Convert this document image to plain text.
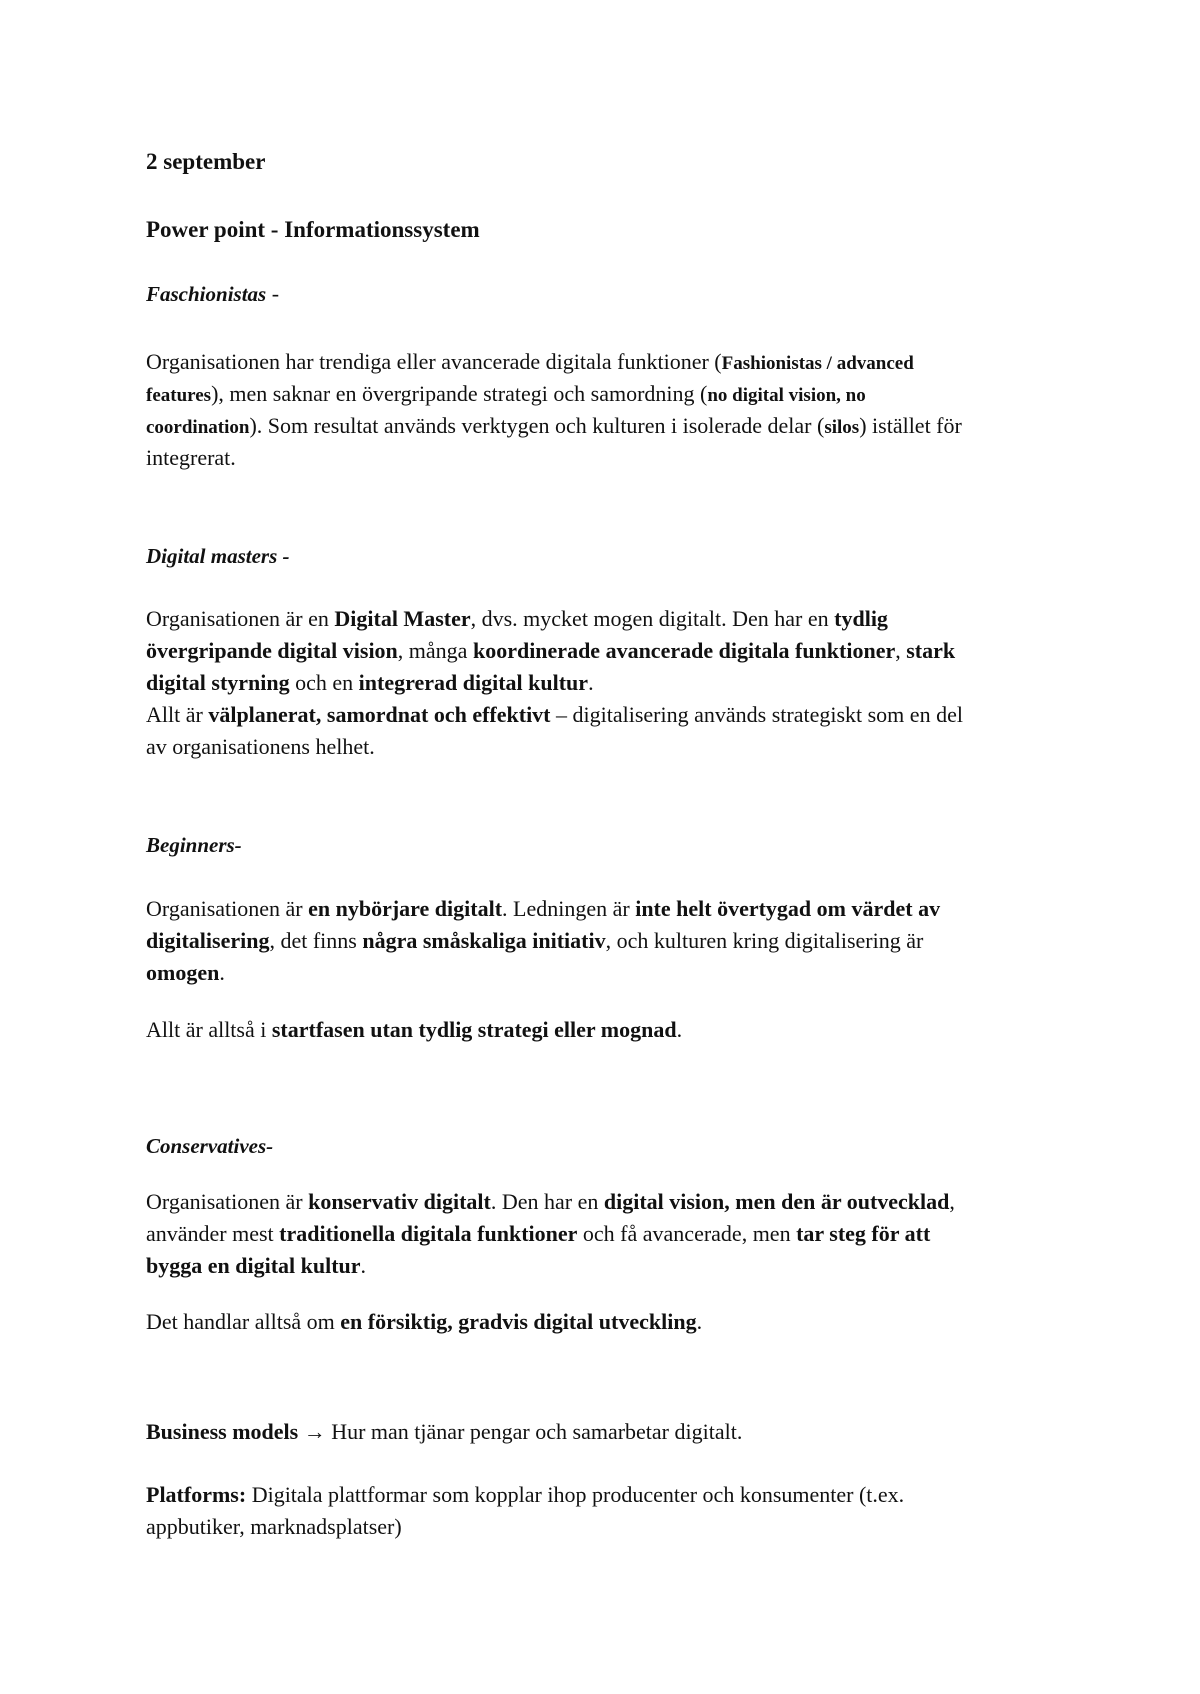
2 september
Power point - Informationssystem
Faschionistas -
Organisationen har trendiga eller avancerade digitala funktioner (Fashionistas / advanced
features), men saknar en övergripande strategi och samordning (no digital vision, no
coordination). Som resultat används verktygen och kulturen i isolerade delar (silos) istället för
integrerat.
Digital masters -
Organisationen är en Digital Master, dvs. mycket mogen digitalt. Den har en tydlig
övergripande digital vision, många koordinerade avancerade digitala funktioner, stark
digital styrning och en integrerad digital kultur.
Allt är välplanerat, samordnat och effektivt – digitalisering används strategiskt som en del
av organisationens helhet.
Beginners-
Organisationen är en nybörjare digitalt. Ledningen är inte helt övertygad om värdet av
digitalisering, det finns några småskaliga initiativ, och kulturen kring digitalisering är
omogen.
Allt är alltså i startfasen utan tydlig strategi eller mognad.
Conservatives-
Organisationen är konservativ digitalt. Den har en digital vision, men den är outvecklad,
använder mest traditionella digitala funktioner och få avancerade, men tar steg för att
bygga en digital kultur.
Det handlar alltså om en försiktig, gradvis digital utveckling.
Business models → Hur man tjänar pengar och samarbetar digitalt.
Platforms: Digitala plattformar som kopplar ihop producenter och konsumenter (t.ex.
appbutiker, marknadsplatser)
